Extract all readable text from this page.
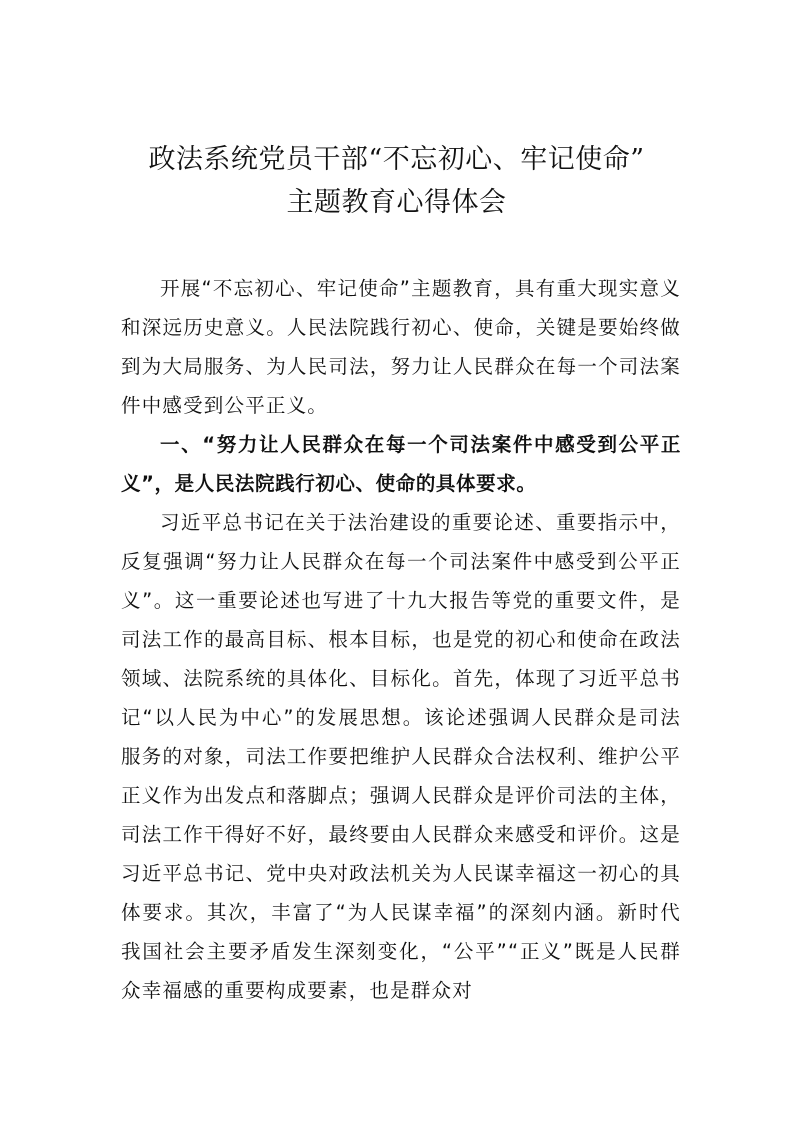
政法系统党员干部“不忘初心、牢记使命”
主题教育心得体会

开展“不忘初心、牢记使命”主题教育，具有重大现实意义和深远历史意义。人民法院践行初心、使命，关键是要始终做到为大局服务、为人民司法，努力让人民群众在每一个司法案件中感受到公平正义。

一、“努力让人民群众在每一个司法案件中感受到公平正义”，是人民法院践行初心、使命的具体要求。

习近平总书记在关于法治建设的重要论述、重要指示中，反复强调“努力让人民群众在每一个司法案件中感受到公平正义”。这一重要论述也写进了十九大报告等党的重要文件，是司法工作的最高目标、根本目标，也是党的初心和使命在政法领域、法院系统的具体化、目标化。首先，体现了习近平总书记“以人民为中心”的发展思想。该论述强调人民群众是司法服务的对象，司法工作要把维护人民群众合法权利、维护公平正义作为出发点和落脚点；强调人民群众是评价司法的主体，司法工作干得好不好，最终要由人民群众来感受和评价。这是习近平总书记、党中央对政法机关为人民谋幸福这一初心的具体要求。其次，丰富了“为人民谋幸福”的深刻内涵。新时代我国社会主要矛盾发生深刻变化，“公平”“正义”既是人民群众幸福感的重要构成要素，也是群众对
